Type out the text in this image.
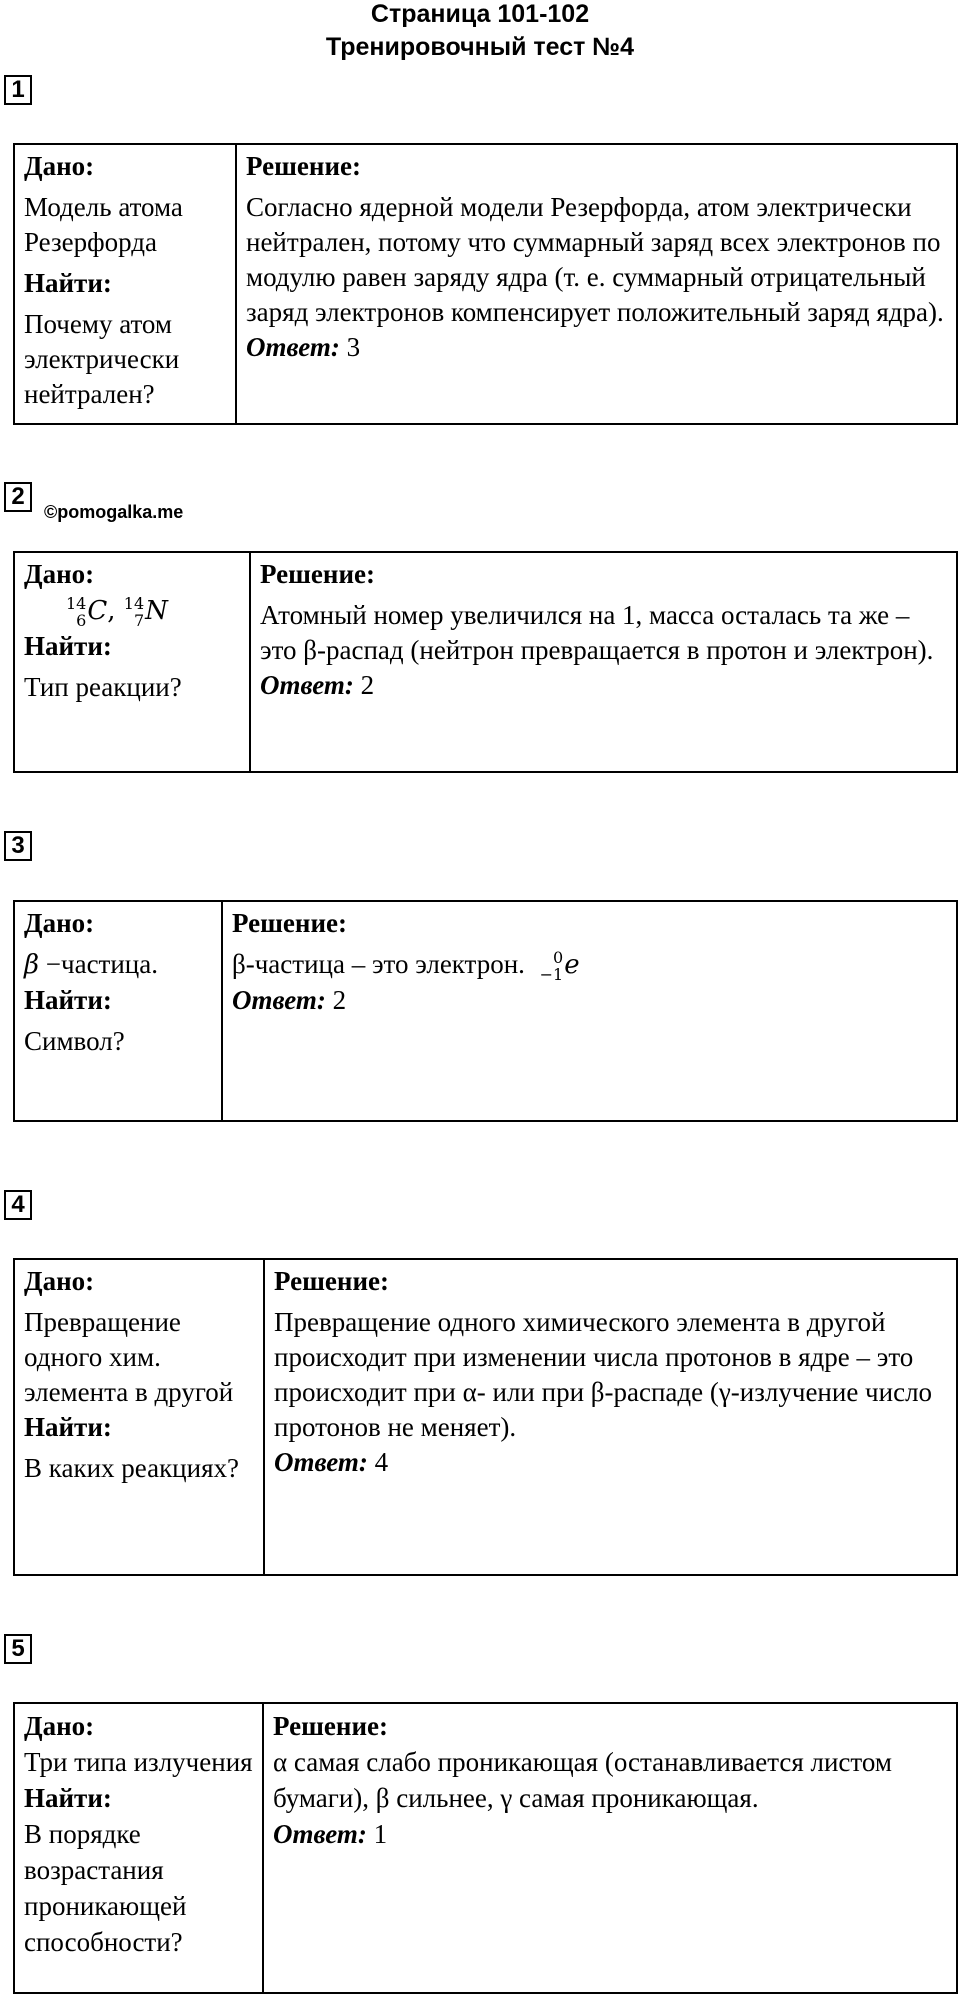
Страница 101-102
Тренировочный тест №4
1
Дано:
Модель атома Резерфорда
Найти:
Почему атом электрически нейтрален?

Решение:
Согласно ядерной модели Резерфорда, атом электрически нейтрален, потому что суммарный заряд всех электронов по модулю равен заряду ядра (т. е. суммарный отрицательный заряд электронов компенсирует положительный заряд ядра).
Ответ: 3
2
©pomogalka.me
Дано:
14
6 C, 14
7 N
Найти:
Тип реакции?

Решение:
Атомный номер увеличился на 1, масса осталась та же – это β-распад (нейтрон превращается в протон и электрон).
Ответ: 2
3
Дано:
β −частица.
Найти:
Символ?

Решение:
β-частица – это электрон.	0
−1 e
Ответ: 2
4
Дано:
Превращение одного хим. элемента в другой
Найти:
В каких реакциях?

Решение:
Превращение одного химического элемента в другой происходит при изменении числа протонов в ядре – это происходит при α- или при β-распаде (γ-излучение число протонов не меняет).
Ответ: 4
5
Дано:
Три типа излучения
Найти:
В порядке возрастания проникающей способности?

Решение:
α самая слабо проникающая (останавливается листом бумаги), β сильнее, γ самая проникающая.
Ответ: 1
